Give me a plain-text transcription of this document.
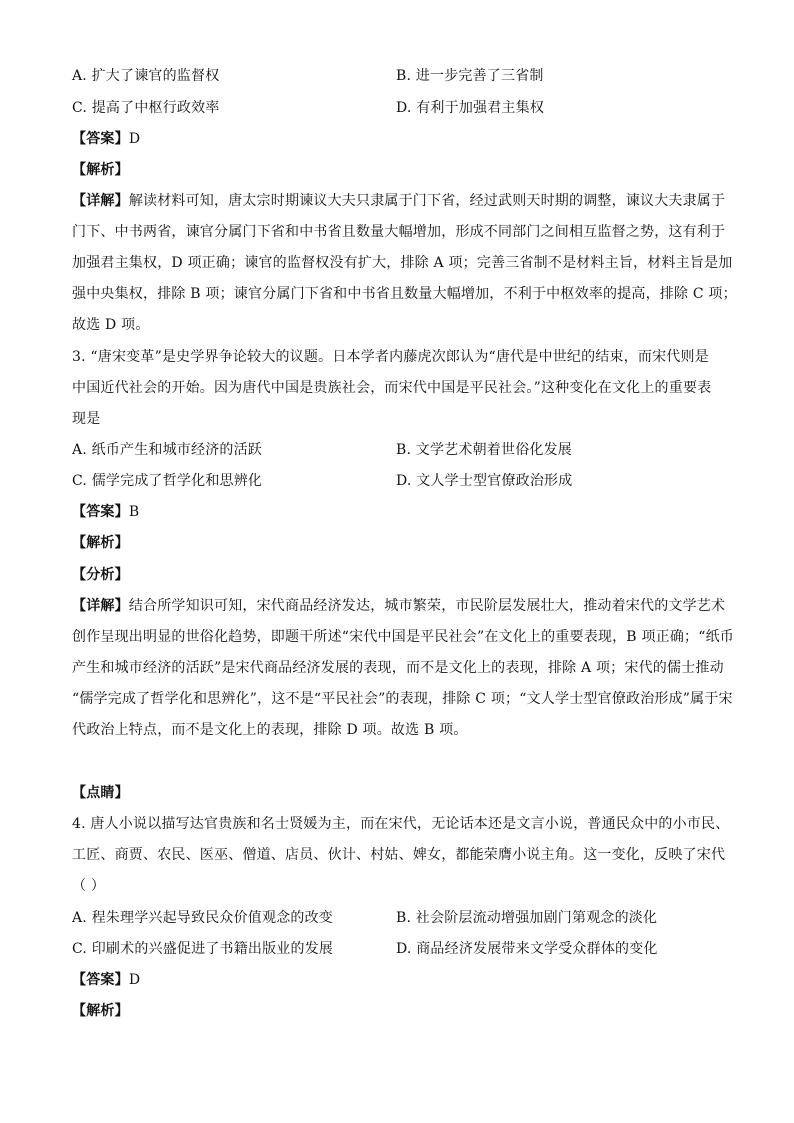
A. 扩大了谏官的监督权	B. 进一步完善了三省制
C. 提高了中枢行政效率	D. 有利于加强君主集权
【答案】D
【解析】
【详解】解读材料可知，唐太宗时期谏议大夫只隶属于门下省，经过武则天时期的调整，谏议大夫隶属于
门下、中书两省，谏官分属门下省和中书省且数量大幅增加，形成不同部门之间相互监督之势，这有利于
加强君主集权，D 项正确；谏官的监督权没有扩大，排除 A 项；完善三省制不是材料主旨，材料主旨是加
强中央集权，排除 B 项；谏官分属门下省和中书省且数量大幅增加，不利于中枢效率的提高，排除 C 项；
故选 D 项。
3. “唐宋变革”是史学界争论较大的议题。日本学者内藤虎次郎认为“唐代是中世纪的结束，而宋代则是
中国近代社会的开始。因为唐代中国是贵族社会，而宋代中国是平民社会。”这种变化在文化上的重要表
现是
A. 纸币产生和城市经济的活跃	B. 文学艺术朝着世俗化发展
C. 儒学完成了哲学化和思辨化	D. 文人学士型官僚政治形成
【答案】B
【解析】
【分析】
【详解】结合所学知识可知，宋代商品经济发达，城市繁荣，市民阶层发展壮大，推动着宋代的文学艺术
创作呈现出明显的世俗化趋势，即题干所述“宋代中国是平民社会”在文化上的重要表现，B 项正确；“纸币
产生和城市经济的活跃”是宋代商品经济发展的表现，而不是文化上的表现，排除 A 项；宋代的儒士推动
“儒学完成了哲学化和思辨化”，这不是“平民社会”的表现，排除 C 项；“文人学士型官僚政治形成”属于宋
代政治上特点，而不是文化上的表现，排除 D 项。故选 B 项。
【点睛】
4. 唐人小说以描写达官贵族和名士贤媛为主，而在宋代，无论话本还是文言小说，普通民众中的小市民、
工匠、商贾、农民、医巫、僧道、店员、伙计、村姑、婢女，都能荣膺小说主角。这一变化，反映了宋代
（ ）
A. 程朱理学兴起导致民众价值观念的改变	B. 社会阶层流动增强加剧门第观念的淡化
C. 印刷术的兴盛促进了书籍出版业的发展	D. 商品经济发展带来文学受众群体的变化
【答案】D
【解析】
